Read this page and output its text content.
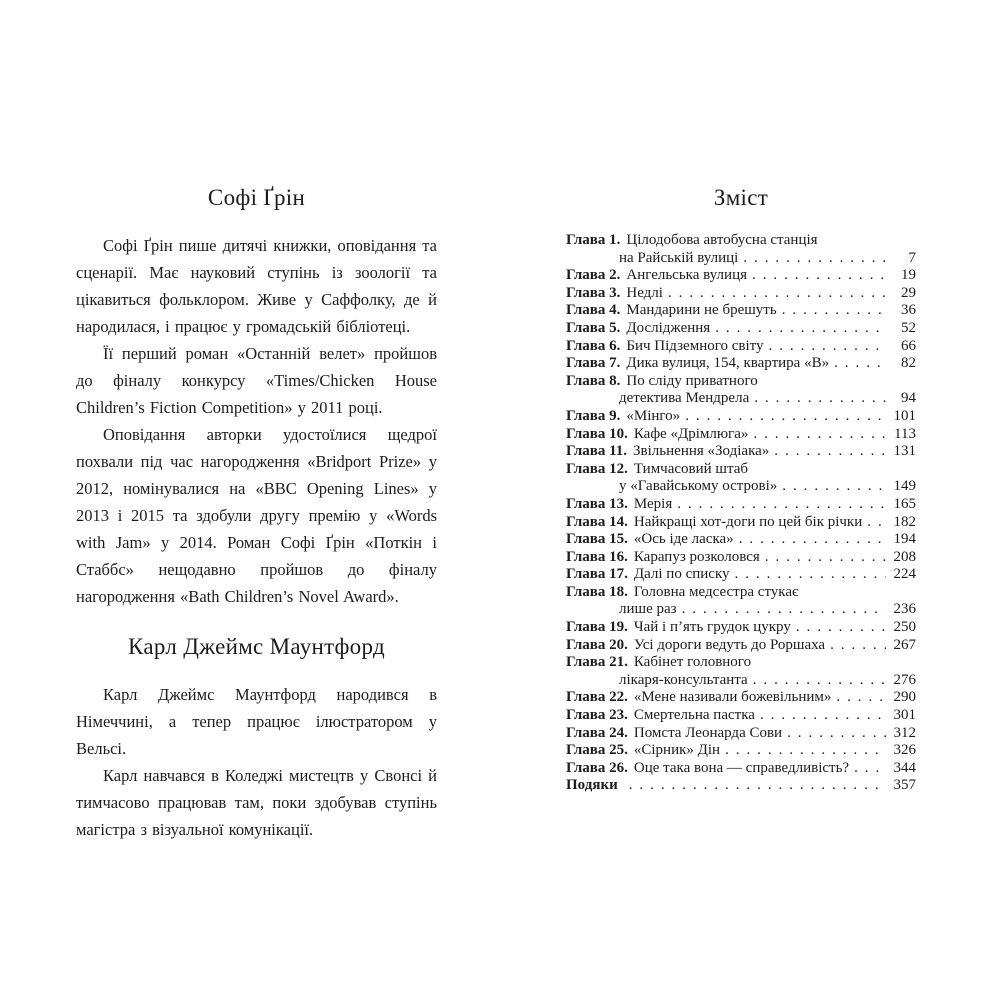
Софі Ґрін

Софі Ґрін пише дитячі книжки, оповідання та сценарії. Має науковий ступінь із зоології та цікавиться фольклором. Живе у Саффолку, де й народилася, і працює у громадській бібліотеці.

Її перший роман «Останній велет» пройшов до фіналу конкурсу «Times/Chicken House Children’s Fiction Competition» у 2011 році.

Оповідання авторки удостоїлися щедрої похвали під час нагородження «Bridport Prize» у 2012, номінувалися на «BBC Opening Lines» у 2013 і 2015 та здобули другу премію у «Words with Jam» у 2014. Роман Софі Ґрін «Поткін і Стаббс» нещодавно пройшов до фіналу нагородження «Bath Children’s Novel Award».

Карл Джеймс Маунтфорд

Карл Джеймс Маунтфорд народився в Німеччині, а тепер працює ілюстратором у Вельсі.

Карл навчався в Коледжі мистецтв у Свонсі й тимчасово працював там, поки здобував ступінь магістра з візуальної комунікації.

Зміст
Глава 1. Цілодобова автобусна станція
на Райській вулиці . . .	7
Глава 2. Ангельська вулиця . . .	19
Глава 3. Недлі . . .	29
Глава 4. Мандарини не брешуть . . .	36
Глава 5. Дослідження . . .	52
Глава 6. Бич Підземного світу . . .	66
Глава 7. Дика вулиця, 154, квартира «В» . . .	82
Глава 8. По сліду приватного
детектива Мендрела . . .	94
Глава 9. «Мінго» . . .	101
Глава 10. Кафе «Дрімлюга» . . .	113
Глава 11. Звільнення «Зодіака» . . .	131
Глава 12. Тимчасовий штаб
у «Гавайському острові» . . .	149
Глава 13. Мерія . . .	165
Глава 14. Найкращі хот-доги по цей бік річки . . .	182
Глава 15. «Ось іде ласка» . . .	194
Глава 16. Карапуз розколовся . . .	208
Глава 17. Далі по списку . . .	224
Глава 18. Головна медсестра стукає
лише раз . . .	236
Глава 19. Чай і п’ять грудок цукру . . .	250
Глава 20. Усі дороги ведуть до Роршаха . . .	267
Глава 21. Кабінет головного
лікаря-консультанта . . .	276
Глава 22. «Мене називали божевільним» . . .	290
Глава 23. Смертельна пастка . . .	301
Глава 24. Помста Леонарда Сови . . .	312
Глава 25. «Сірник» Дін . . .	326
Глава 26. Оце така вона — справедливість? . . .	344
Подяки . . .	357
